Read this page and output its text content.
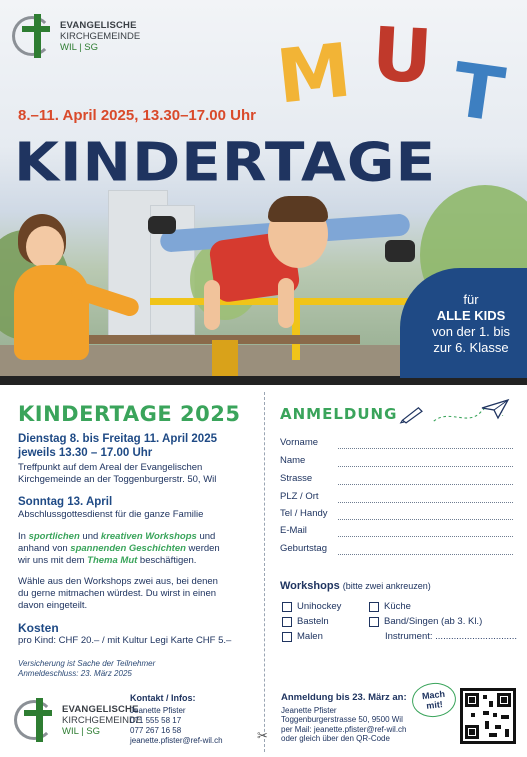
EVANGELISCHE
KIRCHGEMEINDE
WIL | SG	M U T
8.–11. April 2025, 13.30–17.00 Uhr
KINDERTAGE
für
ALLE KIDS
von der 1. bis
zur 6. Klasse
KINDERTAGE 2025
Dienstag 8. bis Freitag 11. April 2025
jeweils 13.30 – 17.00 Uhr
Treffpunkt auf dem Areal der Evangelischen
Kirchgemeinde an der Toggenburgerstr. 50, Wil
Sonntag 13. April
Abschlussgottesdienst für die ganze Familie
In sportlichen und kreativen Workshops und
anhand von spannenden Geschichten werden
wir uns mit dem Thema Mut beschäftigen.
Wähle aus den Workshops zwei aus, bei denen
du gerne mitmachen würdest. Du wirst in einen
davon eingeteilt.
Kosten
pro Kind: CHF 20.– / mit Kultur Legi Karte CHF 5.–
Versicherung ist Sache der Teilnehmer
Anmeldeschluss: 23. März 2025
EVANGELISCHE
KIRCHGEMEINDE
WIL | SG
Kontakt / Infos:
Jeanette Pfister
071 555 58 17
077 267 16 58
jeanette.pfister@ref-wil.ch	✂
ANMELDUNG
Vorname
Name
Strasse
PLZ / Ort
Tel / Handy
E-Mail
Geburtstag
Workshops (bitte zwei ankreuzen)
Unihockey	Küche
Basteln	Band/Singen (ab 3. Kl.)
Malen	Instrument: ...............................
Anmeldung bis 23. März an:
Jeanette Pfister
Toggenburgerstrasse 50, 9500 Wil
per Mail: jeanette.pfister@ref-wil.ch
oder gleich über den QR-Code
Mach
mit!
